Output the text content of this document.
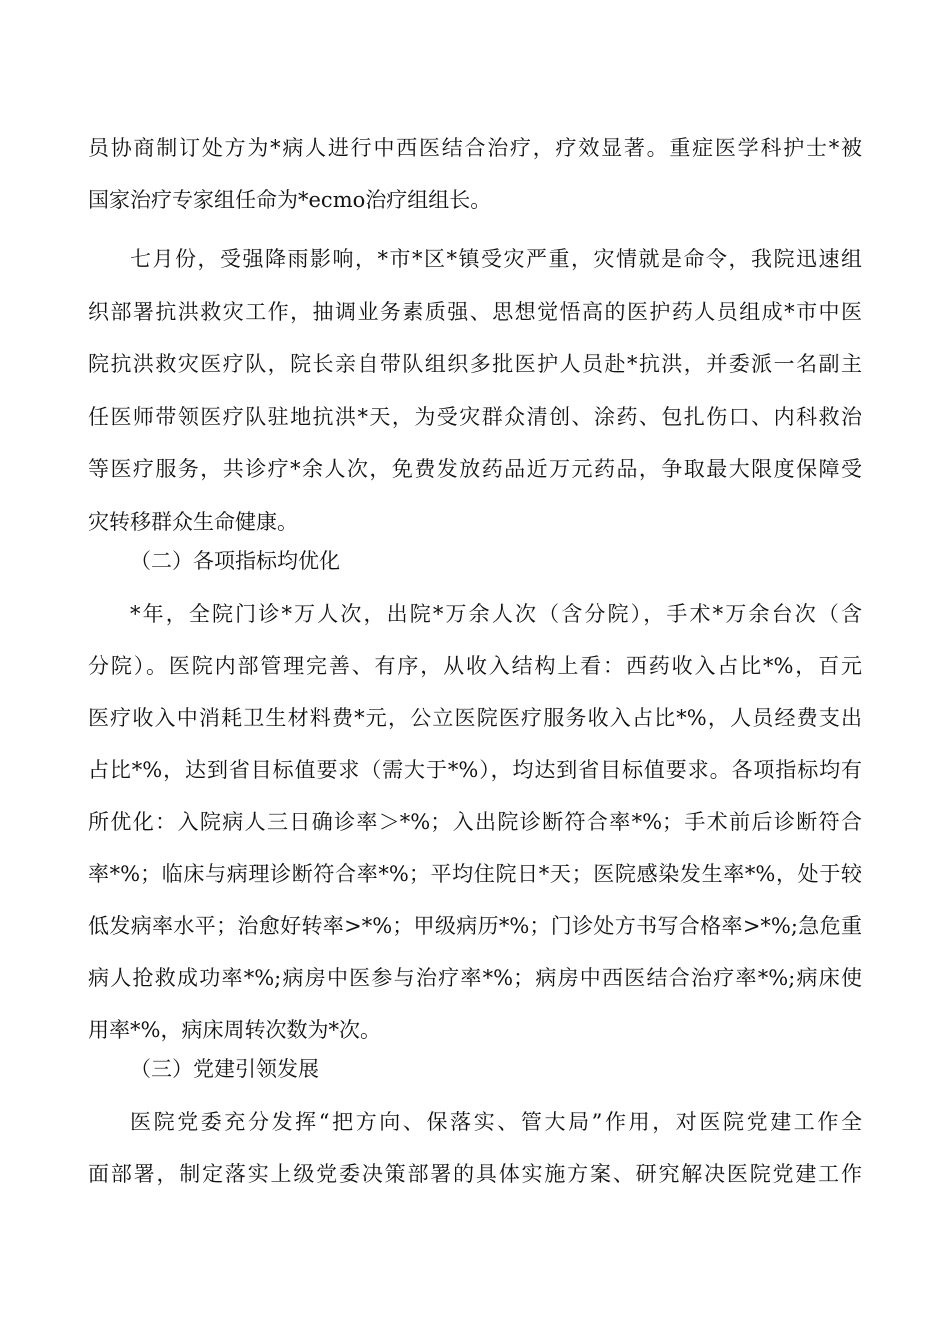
员协商制订处方为*病人进行中西医结合治疗，疗效显著。重症医学科护士*被
国家治疗专家组任命为*ecmo治疗组组长。
七月份，受强降雨影响，*市*区*镇受灾严重，灾情就是命令，我院迅速组
织部署抗洪救灾工作，抽调业务素质强、思想觉悟高的医护药人员组成*市中医
院抗洪救灾医疗队，院长亲自带队组织多批医护人员赴*抗洪，并委派一名副主
任医师带领医疗队驻地抗洪*天，为受灾群众清创、涂药、包扎伤口、内科救治
等医疗服务，共诊疗*余人次，免费发放药品近万元药品，争取最大限度保障受
灾转移群众生命健康。
（二）各项指标均优化
*年，全院门诊*万人次，出院*万余人次（含分院），手术*万余台次（含
分院）。医院内部管理完善、有序，从收入结构上看：西药收入占比*%，百元
医疗收入中消耗卫生材料费*元，公立医院医疗服务收入占比*%，人员经费支出
占比*%，达到省目标值要求（需大于*%），均达到省目标值要求。各项指标均有
所优化：入院病人三日确诊率＞*%；入出院诊断符合率*%；手术前后诊断符合
率*%；临床与病理诊断符合率*%；平均住院日*天；医院感染发生率*%，处于较
低发病率水平；治愈好转率>*%；甲级病历*%；门诊处方书写合格率>*%;急危重
病人抢救成功率*%;病房中医参与治疗率*%；病房中西医结合治疗率*%;病床使
用率*%，病床周转次数为*次。
（三）党建引领发展
医院党委充分发挥“把方向、保落实、管大局”作用，对医院党建工作全
面部署，制定落实上级党委决策部署的具体实施方案、研究解决医院党建工作
